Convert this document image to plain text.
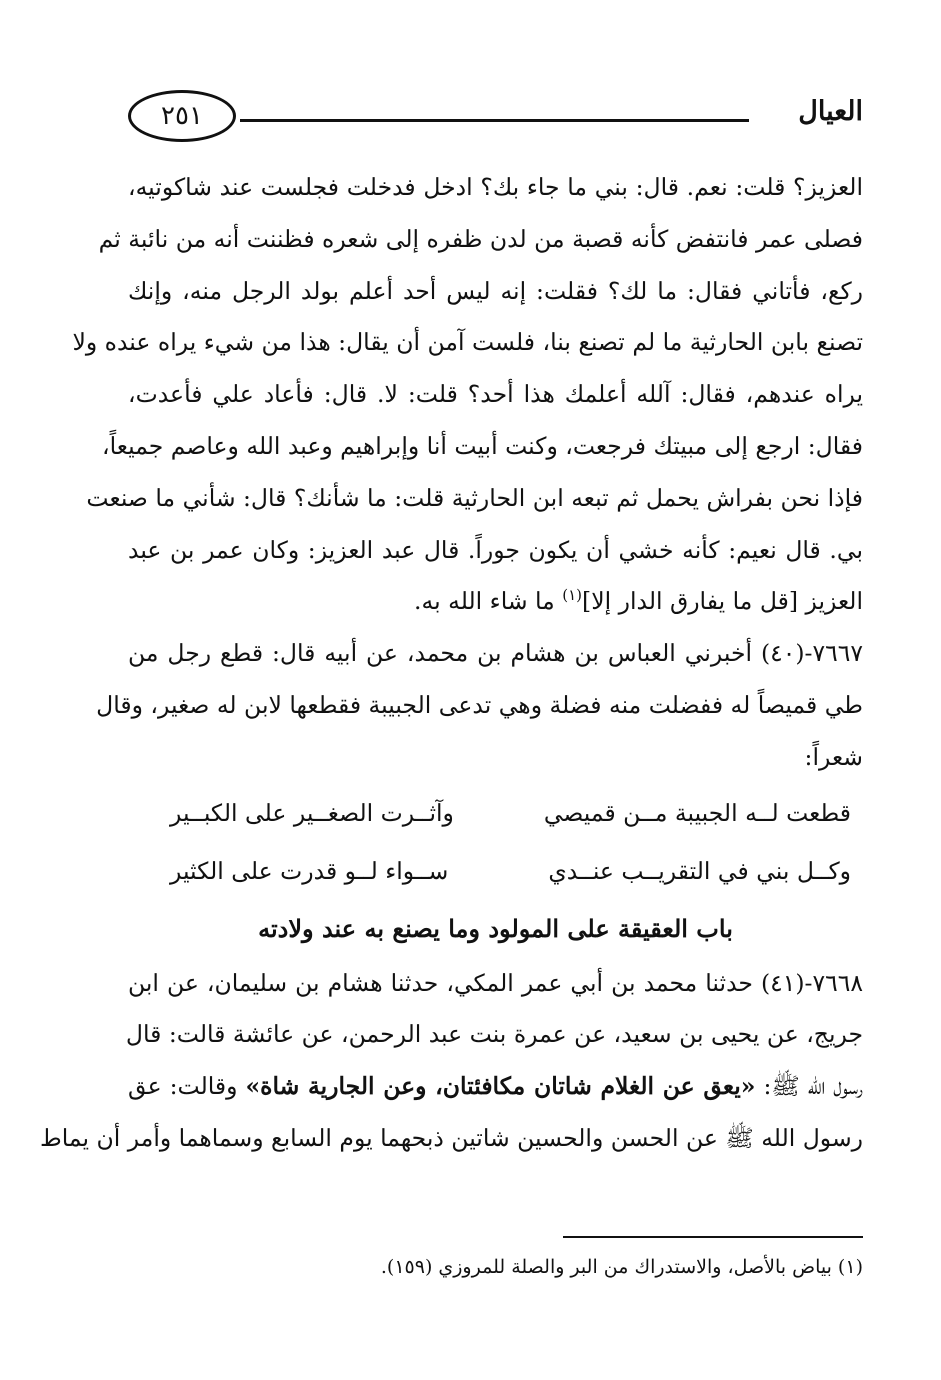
العيال
٢٥١
العزيز؟ قلت: نعم. قال: بني ما جاء بك؟ ادخل فدخلت فجلست عند شاكوتيه،
فصلى عمر فانتفض كأنه قصبة من لدن ظفره إلى شعره فظننت أنه من نائبة ثم
ركع، فأتاني فقال: ما لك؟ فقلت: إنه ليس أحد أعلم بولد الرجل منه، وإنك
تصنع بابن الحارثية ما لم تصنع بنا، فلست آمن أن يقال: هذا من شيء يراه عنده ولا
يراه عندهم، فقال: آلله أعلمك هذا أحد؟ قلت: لا. قال: فأعاد علي فأعدت،
فقال: ارجع إلى مبيتك فرجعت، وكنت أبيت أنا وإبراهيم وعبد الله وعاصم جميعاً،
فإذا نحن بفراش يحمل ثم تبعه ابن الحارثية قلت: ما شأنك؟ قال: شأني ما صنعت
بي. قال نعيم: كأنه خشي أن يكون جوراً. قال عبد العزيز: وكان عمر بن عبد
العزيز [قل ما يفارق الدار إلا]$^{(١)}$ ما شاء الله به.
٧٦٦٧-(٤٠) أخبرني العباس بن هشام بن محمد، عن أبيه قال: قطع رجل من
طي قميصاً له ففضلت منه فضلة وهي تدعى الجبيبة فقطعها لابن له صغير، وقال
شعراً:
قطعت لــه الجبيبة مــن قميصي
وآثــرت الصغــير على الكبــير
وكــل بني في التقريــب عنــدي
ســواء لــو قدرت على الكثير
باب العقيقة على المولود وما يصنع به عند ولادته
٧٦٦٨-(٤١) حدثنا محمد بن أبي عمر المكي، حدثنا هشام بن سليمان، عن ابن
جريج، عن يحيى بن سعيد، عن عمرة بنت عبد الرحمن، عن عائشة قالت: قال
رسول الله ﷺ: «يعق عن الغلام شاتان مكافئتان، وعن الجارية شاة» وقالت: عق
رسول الله ﷺ عن الحسن والحسين شاتين ذبحهما يوم السابع وسماهما وأمر أن يماط
(١) بياض بالأصل، والاستدراك من البر والصلة للمروزي (١٥٩).
